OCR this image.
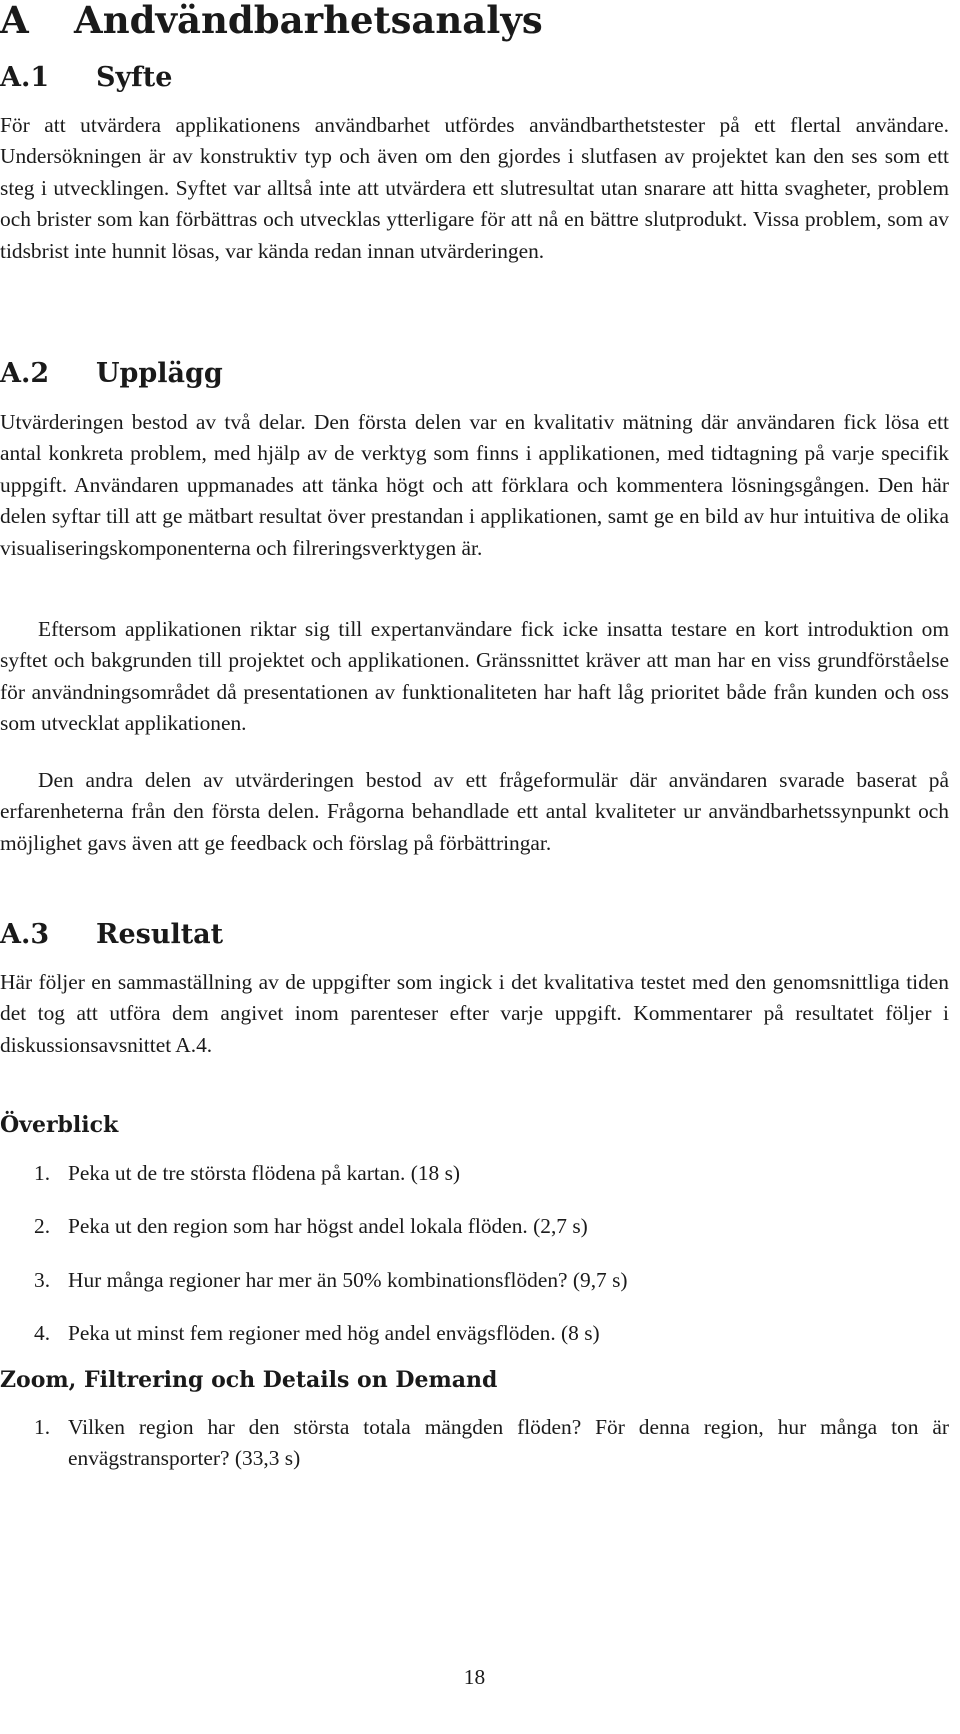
A Andvändbarhetsanalys
A.1 Syfte

För att utvärdera applikationens användbarhet utfördes användbarthetstester på ett flertal användare. Undersökningen är av konstruktiv typ och även om den gjordes i slutfasen av projektet kan den ses som ett steg i utvecklingen. Syftet var alltså inte att utvärdera ett slutresultat utan snarare att hitta svagheter, problem och brister som kan förbättras och utvecklas ytterligare för att nå en bättre slutprodukt. Vissa problem, som av tidsbrist inte hunnit lösas, var kända redan innan utvärderingen.

A.2 Upplägg

Utvärderingen bestod av två delar. Den första delen var en kvalitativ mätning där användaren fick lösa ett antal konkreta problem, med hjälp av de verktyg som finns i applikationen, med tidtagning på varje specifik uppgift. Användaren uppmanades att tänka högt och att förklara och kommentera lösningsgången. Den här delen syftar till att ge mätbart resultat över prestandan i applikationen, samt ge en bild av hur intuitiva de olika visualiseringskomponenterna och filreringsverktygen är.

Eftersom applikationen riktar sig till expertanvändare fick icke insatta testare en kort introduktion om syftet och bakgrunden till projektet och applikationen. Gränssnittet kräver att man har en viss grundförståelse för användningsområdet då presentationen av funktionaliteten har haft låg prioritet både från kunden och oss som utvecklat applikationen.

Den andra delen av utvärderingen bestod av ett frågeformulär där användaren svarade baserat på erfarenheterna från den första delen. Frågorna behandlade ett antal kvaliteter ur användbarhetssynpunkt och möjlighet gavs även att ge feedback och förslag på förbättringar.

A.3 Resultat

Här följer en sammaställning av de uppgifter som ingick i det kvalitativa testet med den genomsnittliga tiden det tog att utföra dem angivet inom parenteser efter varje uppgift. Kommentarer på resultatet följer i diskussionsavsnittet A.4.

Överblick
1. Peka ut de tre största flödena på kartan. (18 s)
2. Peka ut den region som har högst andel lokala flöden. (2,7 s)
3. Hur många regioner har mer än 50% kombinationsflöden? (9,7 s)
4. Peka ut minst fem regioner med hög andel envägsflöden. (8 s)
Zoom, Filtrering och Details on Demand
1. Vilken region har den största totala mängden flöden? För denna region, hur många ton är envägstransporter? (33,3 s)
18
